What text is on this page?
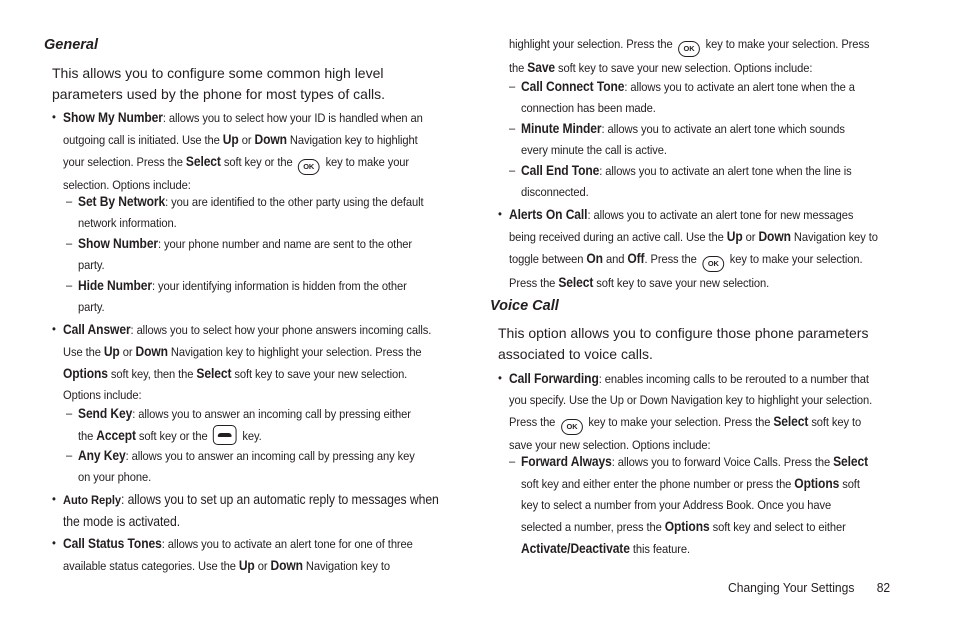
General
This allows you to configure some common high level
parameters used by the phone for most types of calls.
• Show My Number: allows you to select how your ID is handled when an
outgoing call is initiated. Use the Up or Down Navigation key to highlight
your selection. Press the Select soft key or the OK key to make your
selection. Options include:
– Set By Network: you are identified to the other party using the default
network information.
– Show Number: your phone number and name are sent to the other
party.
– Hide Number: your identifying information is hidden from the other
party.
• Call Answer: allows you to select how your phone answers incoming calls.
Use the Up or Down Navigation key to highlight your selection. Press the
Options soft key, then the Select soft key to save your new selection.
Options include:
– Send Key: allows you to answer an incoming call by pressing either
the Accept soft key or the  key.
– Any Key: allows you to answer an incoming call by pressing any key
on your phone.
• Auto Reply: allows you to set up an automatic reply to messages when
the mode is activated.
• Call Status Tones: allows you to activate an alert tone for one of three
available status categories. Use the Up or Down Navigation key to
highlight your selection. Press the OK key to make your selection. Press
the Save soft key to save your new selection. Options include:
– Call Connect Tone: allows you to activate an alert tone when the a
connection has been made.
– Minute Minder: allows you to activate an alert tone which sounds
every minute the call is active.
– Call End Tone: allows you to activate an alert tone when the line is
disconnected.
• Alerts On Call: allows you to activate an alert tone for new messages
being received during an active call. Use the Up or Down Navigation key to
toggle between On and Off. Press the OK key to make your selection.
Press the Select soft key to save your new selection.
Voice Call
This option allows you to configure those phone parameters
associated to voice calls.
• Call Forwarding: enables incoming calls to be rerouted to a number that
you specify. Use the Up or Down Navigation key to highlight your selection.
Press the OK key to make your selection. Press the Select soft key to
save your new selection. Options include:
– Forward Always: allows you to forward Voice Calls. Press the Select
soft key and either enter the phone number or press the Options soft
key to select a number from your Address Book. Once you have
selected a number, press the Options soft key and select to either
Activate/Deactivate this feature.
Changing Your Settings 82
